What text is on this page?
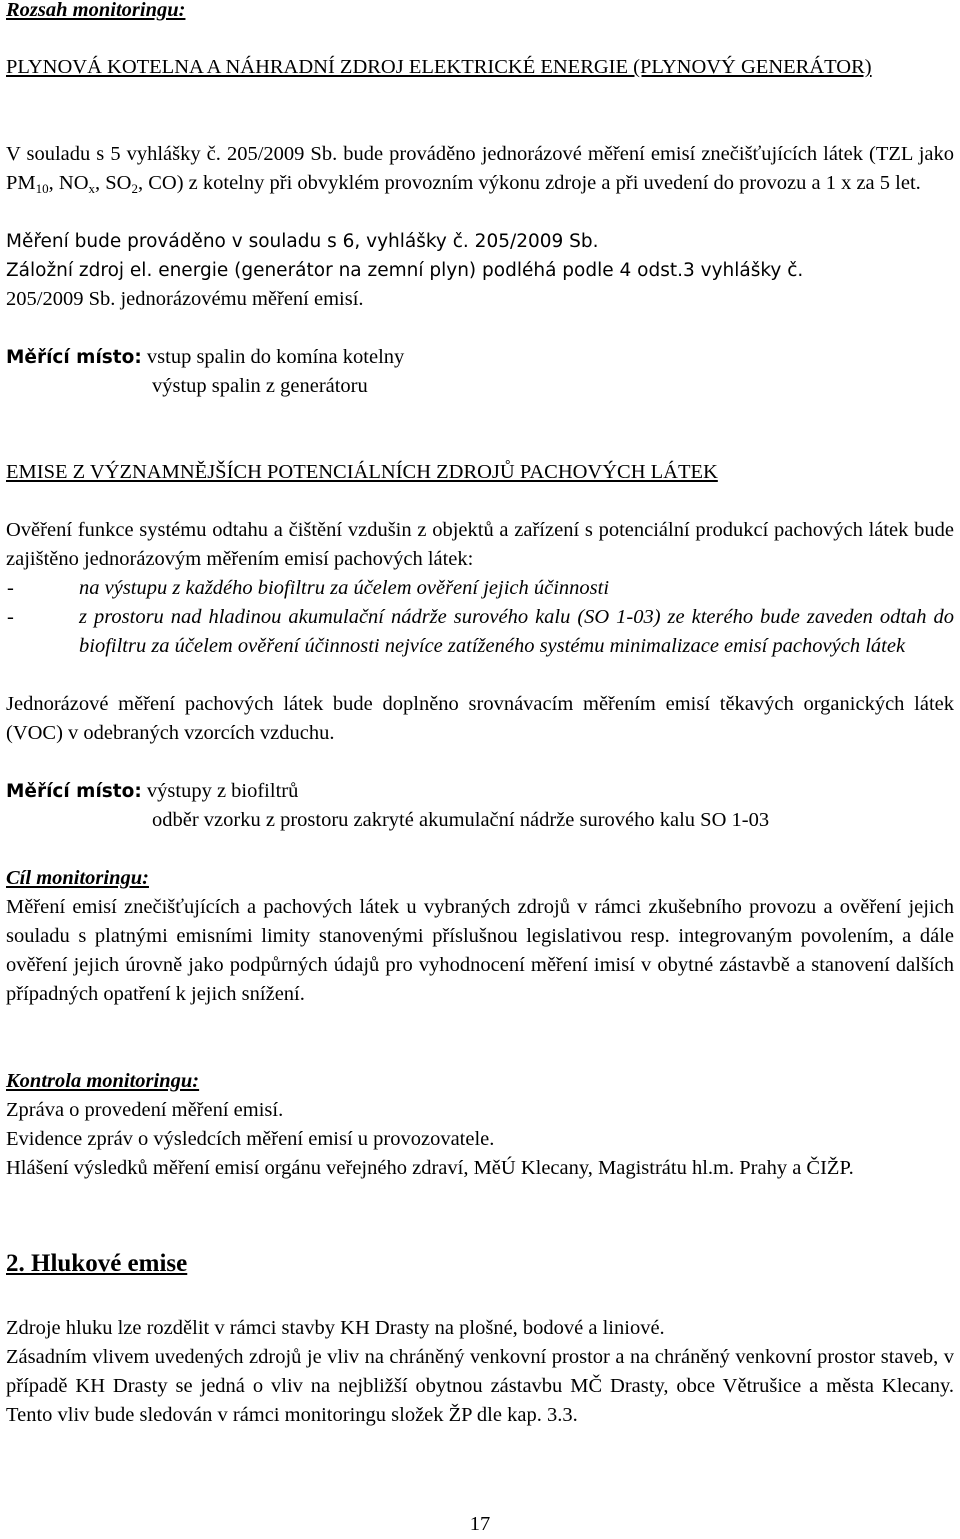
Rozsah monitoringu:

PLYNOVÁ KOTELNA A NÁHRADNÍ ZDROJ ELEKTRICKÉ ENERGIE (PLYNOVÝ GENERÁTOR)

V souladu s 5 vyhlášky č. 205/2009 Sb. bude prováděno jednorázové měření emisí znečišťujících látek (TZL jako $PM_{10}$, $NO_x$, $SO_2$, CO) z kotelny při obvyklém provozním výkonu zdroje a při uvedení do provozu a 1 x za 5 let.

Měření bude prováděno v souladu s 6, vyhlášky č. 205/2009 Sb.

Záložní zdroj el. energie (generátor na zemní plyn) podléhá podle 4 odst.3 vyhlášky č.

205/2009 Sb. jednorázovému měření emisí.

Měřící místo: vstup spalin do komína kotelny

výstup spalin z generátoru

EMISE Z VÝZNAMNĚJŠÍCH POTENCIÁLNÍCH ZDROJŮ PACHOVÝCH LÁTEK

Ověření funkce systému odtahu a čištění vzdušin z objektů a zařízení s potenciální produkcí pachových látek bude zajištěno jednorázovým měřením emisí pachových látek:

-	na výstupu z každého biofiltru za účelem ověření jejich účinnosti
-	z prostoru nad hladinou akumulační nádrže surového kalu (SO 1-03) ze kterého bude zaveden odtah do biofiltru za účelem ověření účinnosti nejvíce zatíženého systému minimalizace emisí pachových látek

Jednorázové měření pachových látek bude doplněno srovnávacím měřením emisí těkavých organických látek (VOC) v odebraných vzorcích vzduchu.

Měřící místo: výstupy z biofiltrů

odběr vzorku z prostoru zakryté akumulační nádrže surového kalu SO 1-03

Cíl monitoringu:

Měření emisí znečišťujících a pachových látek u vybraných zdrojů v rámci zkušebního provozu a ověření jejich souladu s platnými emisními limity stanovenými příslušnou legislativou resp. integrovaným povolením, a dále ověření jejich úrovně jako podpůrných údajů pro vyhodnocení měření imisí v obytné zástavbě a stanovení dalších případných opatření k jejich snížení.

Kontrola monitoringu:

Zpráva o provedení měření emisí.

Evidence zpráv o výsledcích měření emisí u provozovatele.

Hlášení výsledků měření emisí orgánu veřejného zdraví, MěÚ Klecany, Magistrátu hl.m. Prahy a ČIŽP.

2. Hlukové emise

Zdroje hluku lze rozdělit v rámci stavby KH Drasty na plošné, bodové a liniové.

Zásadním vlivem uvedených zdrojů je vliv na chráněný venkovní prostor a na chráněný venkovní prostor staveb, v případě KH Drasty se jedná o vliv na nejbližší obytnou zástavbu MČ Drasty, obce Větrušice a města Klecany. Tento vliv bude sledován v rámci monitoringu složek ŽP dle kap. 3.3.

17
